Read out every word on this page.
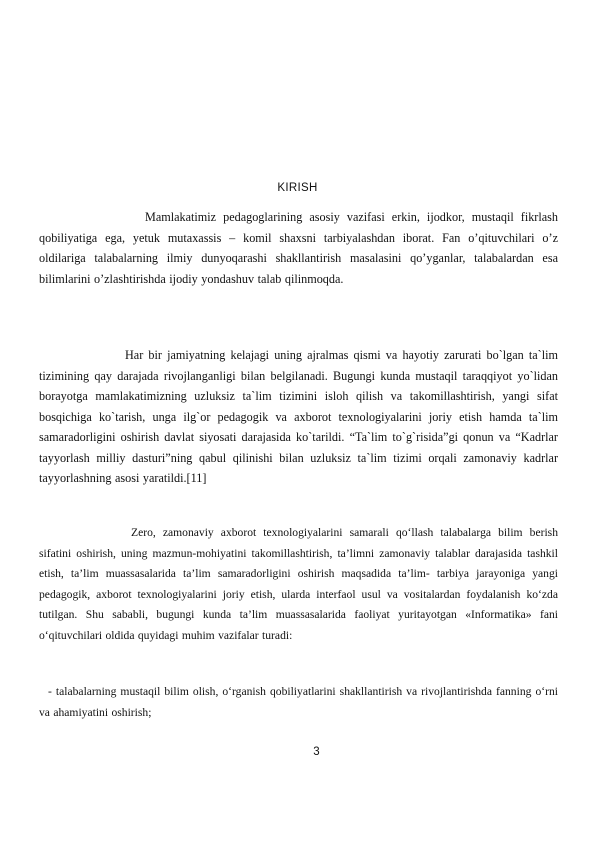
KIRISH

Mamlakatimiz pedagoglarining asosiy vazifasi erkin, ijodkor, mustaqil fikrlash qobiliyatiga ega, yetuk mutaxassis – komil shaxsni tarbiyalashdan iborat. Fan o’qituvchilari o’z oldilariga talabalarning ilmiy dunyoqarashi shakllantirish masalasini qo’yganlar, talabalardan esa bilimlarini o’zlashtirishda ijodiy yondashuv talab qilinmoqda.

Har bir jamiyatning kelajagi uning ajralmas qismi va hayotiy zarurati bo`lgan ta`lim tizimining qay darajada rivojlanganligi bilan belgilanadi. Bugungi kunda mustaqil taraqqiyot yo`lidan borayotga mamlakatimizning uzluksiz ta`lim tizimini isloh qilish va takomillashtirish, yangi sifat bosqichiga ko`tarish, unga ilg`or pedagogik va axborot texnologiyalarini joriy etish hamda ta`lim samaradorligini oshirish davlat siyosati darajasida ko`tarildi. “Ta`lim to`g`risida”gi qonun va “Kadrlar tayyorlash milliy dasturi”ning qabul qilinishi bilan uzluksiz ta`lim tizimi orqali zamonaviy kadrlar tayyorlashning asosi yaratildi.[11]

Zero, zamonaviy axborot texnologiyalarini samarali qo‘llash talabalarga bilim berish sifatini oshirish, uning mazmun-mohiyatini takomillashtirish, ta’limni zamonaviy talablar darajasida tashkil etish, ta’lim muassasalarida ta’lim samaradorligini oshirish maqsadida ta’lim- tarbiya jarayoniga yangi pedagogik, axborot texnologiyalarini joriy etish, ularda interfaol usul va vositalardan foydalanish ko‘zda tutilgan. Shu sababli, bugungi kunda ta’lim muassasalarida faoliyat yuritayotgan «Informatika» fani o‘qituvchilari oldida quyidagi muhim vazifalar turadi:

- talabalarning mustaqil bilim olish, o‘rganish qobiliyatlarini shakllantirish va rivojlantirishda fanning o‘rni va ahamiyatini oshirish;

3
